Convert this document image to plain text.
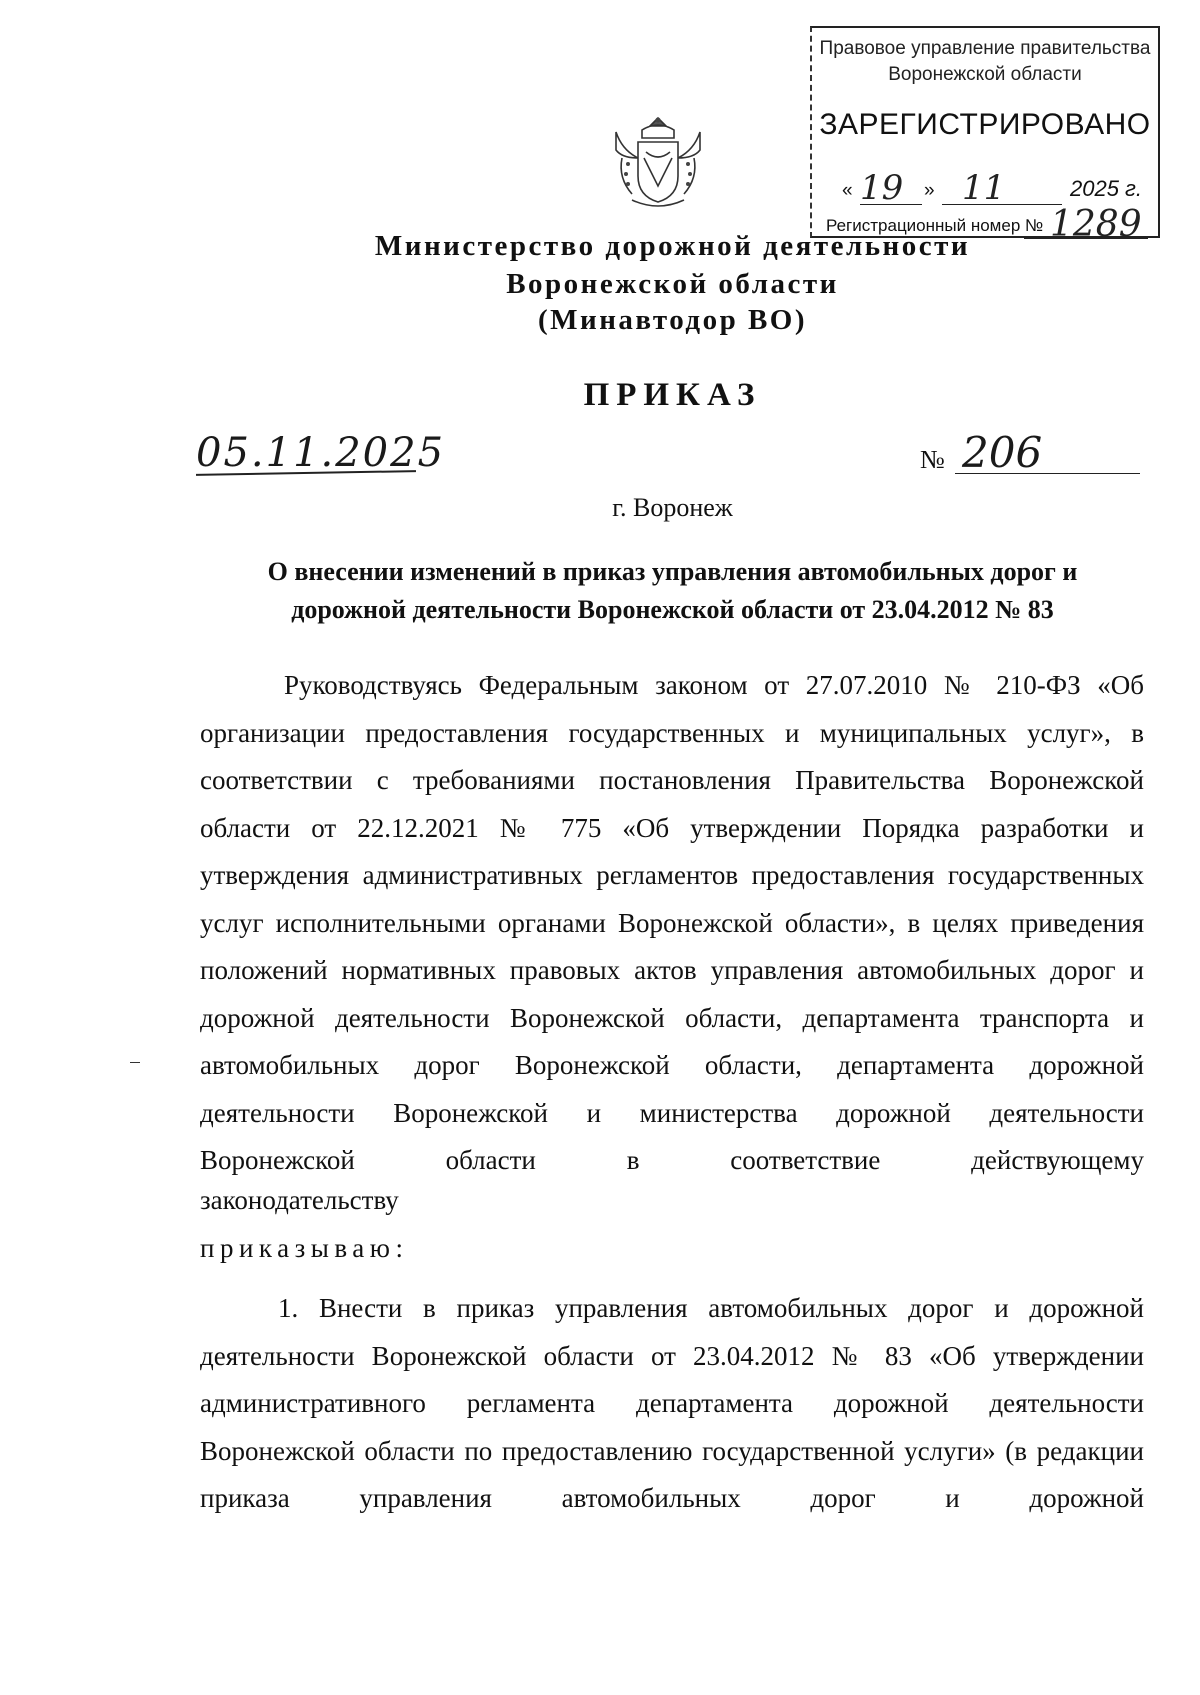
Правовое управление правительства
Воронежской области
ЗАРЕГИСТРИРОВАНО
« 19 » 11	2025 г.
Регистрационный номер № 1289
Министерство дорожной деятельности
Воронежской области
(Минавтодор ВО)
ПРИКАЗ
05.11.2025	№ 206
г. Воронеж
О внесении изменений в приказ управления автомобильных дорог и
дорожной деятельности Воронежской области от 23.04.2012 № 83
Руководствуясь Федеральным законом от 27.07.2010 № 210-ФЗ «Об организации предоставления государственных и муниципальных услуг», в соответствии с требованиями постановления Правительства Воронежской области от 22.12.2021 № 775 «Об утверждении Порядка разработки и утверждения административных регламентов предоставления государственных услуг исполнительными органами Воронежской области», в целях приведения положений нормативных правовых актов управления автомобильных дорог и дорожной деятельности Воронежской области, департамента транспорта и автомобильных дорог Воронежской области, департамента дорожной деятельности Воронежской и министерства дорожной деятельности Воронежской области в соответствие действующему
законодательству
приказываю:
1. Внести в приказ управления автомобильных дорог и дорожной деятельности Воронежской области от 23.04.2012 № 83 «Об утверждении административного регламента департамента дорожной деятельности Воронежской области по предоставлению государственной услуги» (в редакции приказа управления автомобильных дорог и дорожной
